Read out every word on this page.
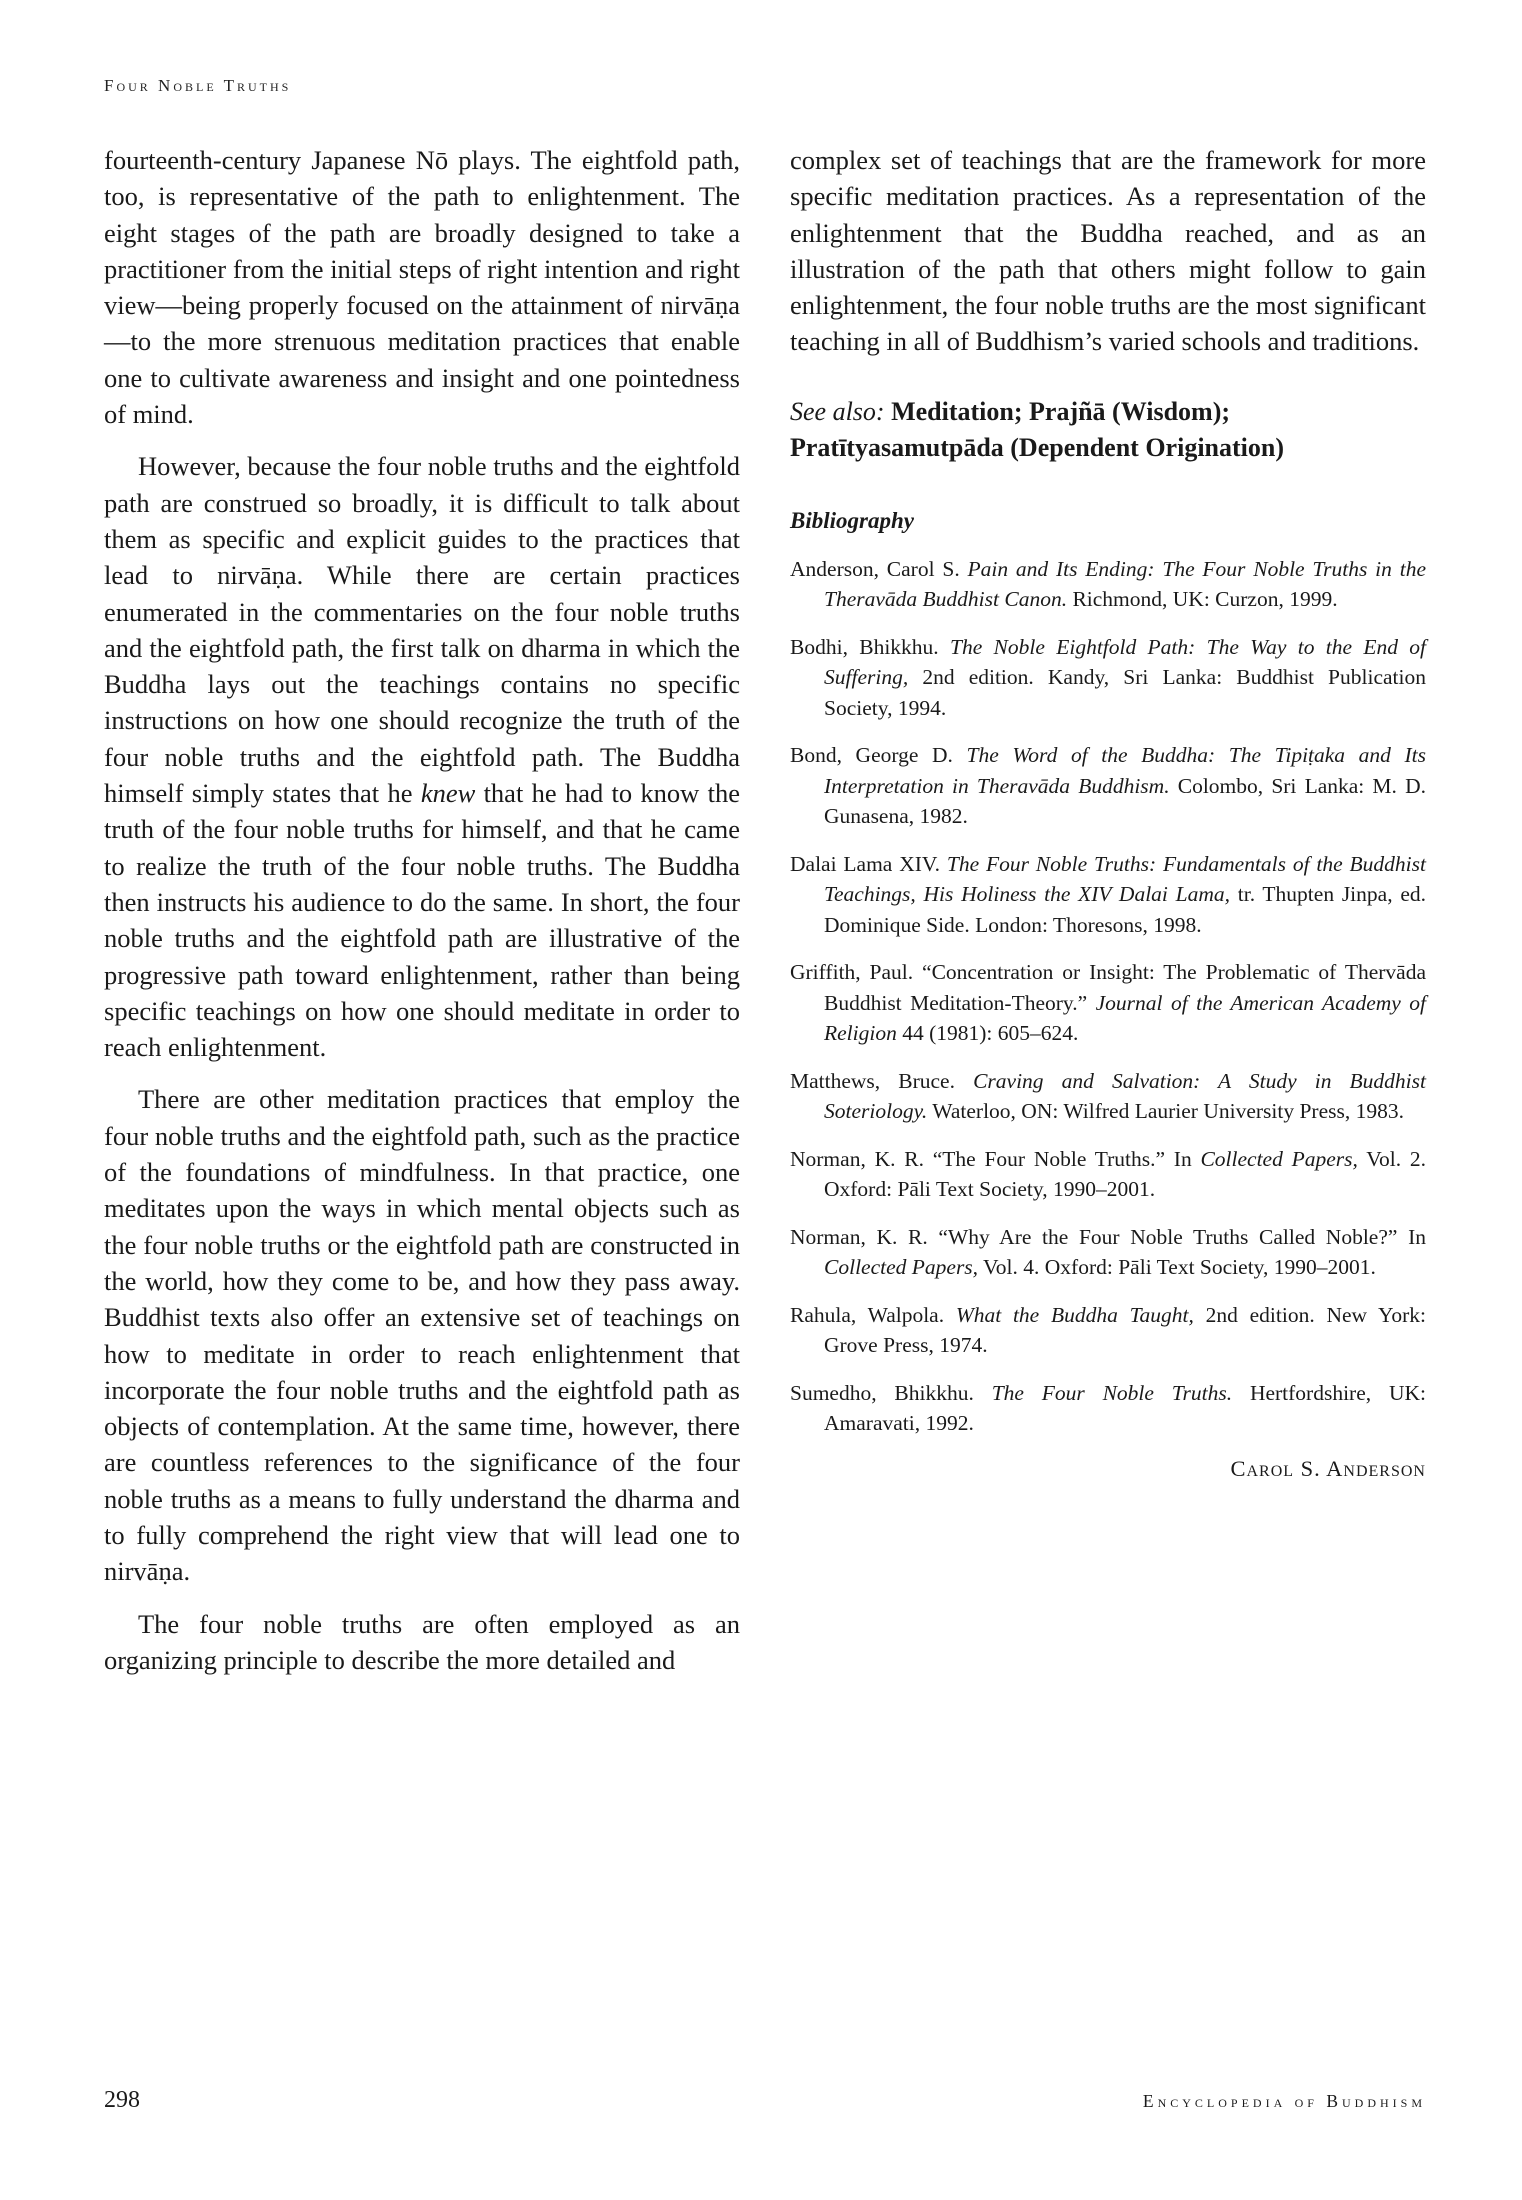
Four Noble Truths

fourteenth-century Japanese Nō plays. The eightfold path, too, is representative of the path to enlightenment. The eight stages of the path are broadly designed to take a practitioner from the initial steps of right intention and right view—being properly focused on the attainment of nirvāṇa—to the more strenuous meditation practices that enable one to cultivate awareness and insight and one pointedness of mind.

However, because the four noble truths and the eightfold path are construed so broadly, it is difficult to talk about them as specific and explicit guides to the practices that lead to nirvāṇa. While there are certain practices enumerated in the commentaries on the four noble truths and the eightfold path, the first talk on dharma in which the Buddha lays out the teachings contains no specific instructions on how one should recognize the truth of the four noble truths and the eightfold path. The Buddha himself simply states that he knew that he had to know the truth of the four noble truths for himself, and that he came to realize the truth of the four noble truths. The Buddha then instructs his audience to do the same. In short, the four noble truths and the eightfold path are illustrative of the progressive path toward enlightenment, rather than being specific teachings on how one should meditate in order to reach enlightenment.

There are other meditation practices that employ the four noble truths and the eightfold path, such as the practice of the foundations of mindfulness. In that practice, one meditates upon the ways in which mental objects such as the four noble truths or the eightfold path are constructed in the world, how they come to be, and how they pass away. Buddhist texts also offer an extensive set of teachings on how to meditate in order to reach enlightenment that incorporate the four noble truths and the eightfold path as objects of contemplation. At the same time, however, there are countless references to the significance of the four noble truths as a means to fully understand the dharma and to fully comprehend the right view that will lead one to nirvāṇa.

The four noble truths are often employed as an organizing principle to describe the more detailed and

complex set of teachings that are the framework for more specific meditation practices. As a representation of the enlightenment that the Buddha reached, and as an illustration of the path that others might follow to gain enlightenment, the four noble truths are the most significant teaching in all of Buddhism’s varied schools and traditions.

See also: Meditation; Prajñā (Wisdom); Pratītyasamutpāda (Dependent Origination)
Bibliography
Anderson, Carol S. Pain and Its Ending: The Four Noble Truths in the Theravāda Buddhist Canon. Richmond, UK: Curzon, 1999.
Bodhi, Bhikkhu. The Noble Eightfold Path: The Way to the End of Suffering, 2nd edition. Kandy, Sri Lanka: Buddhist Publication Society, 1994.
Bond, George D. The Word of the Buddha: The Tipiṭaka and Its Interpretation in Theravāda Buddhism. Colombo, Sri Lanka: M. D. Gunasena, 1982.
Dalai Lama XIV. The Four Noble Truths: Fundamentals of the Buddhist Teachings, His Holiness the XIV Dalai Lama, tr. Thupten Jinpa, ed. Dominique Side. London: Thoresons, 1998.
Griffith, Paul. “Concentration or Insight: The Problematic of Thervāda Buddhist Meditation-Theory.” Journal of the American Academy of Religion 44 (1981): 605–624.
Matthews, Bruce. Craving and Salvation: A Study in Buddhist Soteriology. Waterloo, ON: Wilfred Laurier University Press, 1983.
Norman, K. R. “The Four Noble Truths.” In Collected Papers, Vol. 2. Oxford: Pāli Text Society, 1990–2001.
Norman, K. R. “Why Are the Four Noble Truths Called Noble?” In Collected Papers, Vol. 4. Oxford: Pāli Text Society, 1990–2001.
Rahula, Walpola. What the Buddha Taught, 2nd edition. New York: Grove Press, 1974.
Sumedho, Bhikkhu. The Four Noble Truths. Hertfordshire, UK: Amaravati, 1992.
Carol S. Anderson
298	Encyclopedia of Buddhism
